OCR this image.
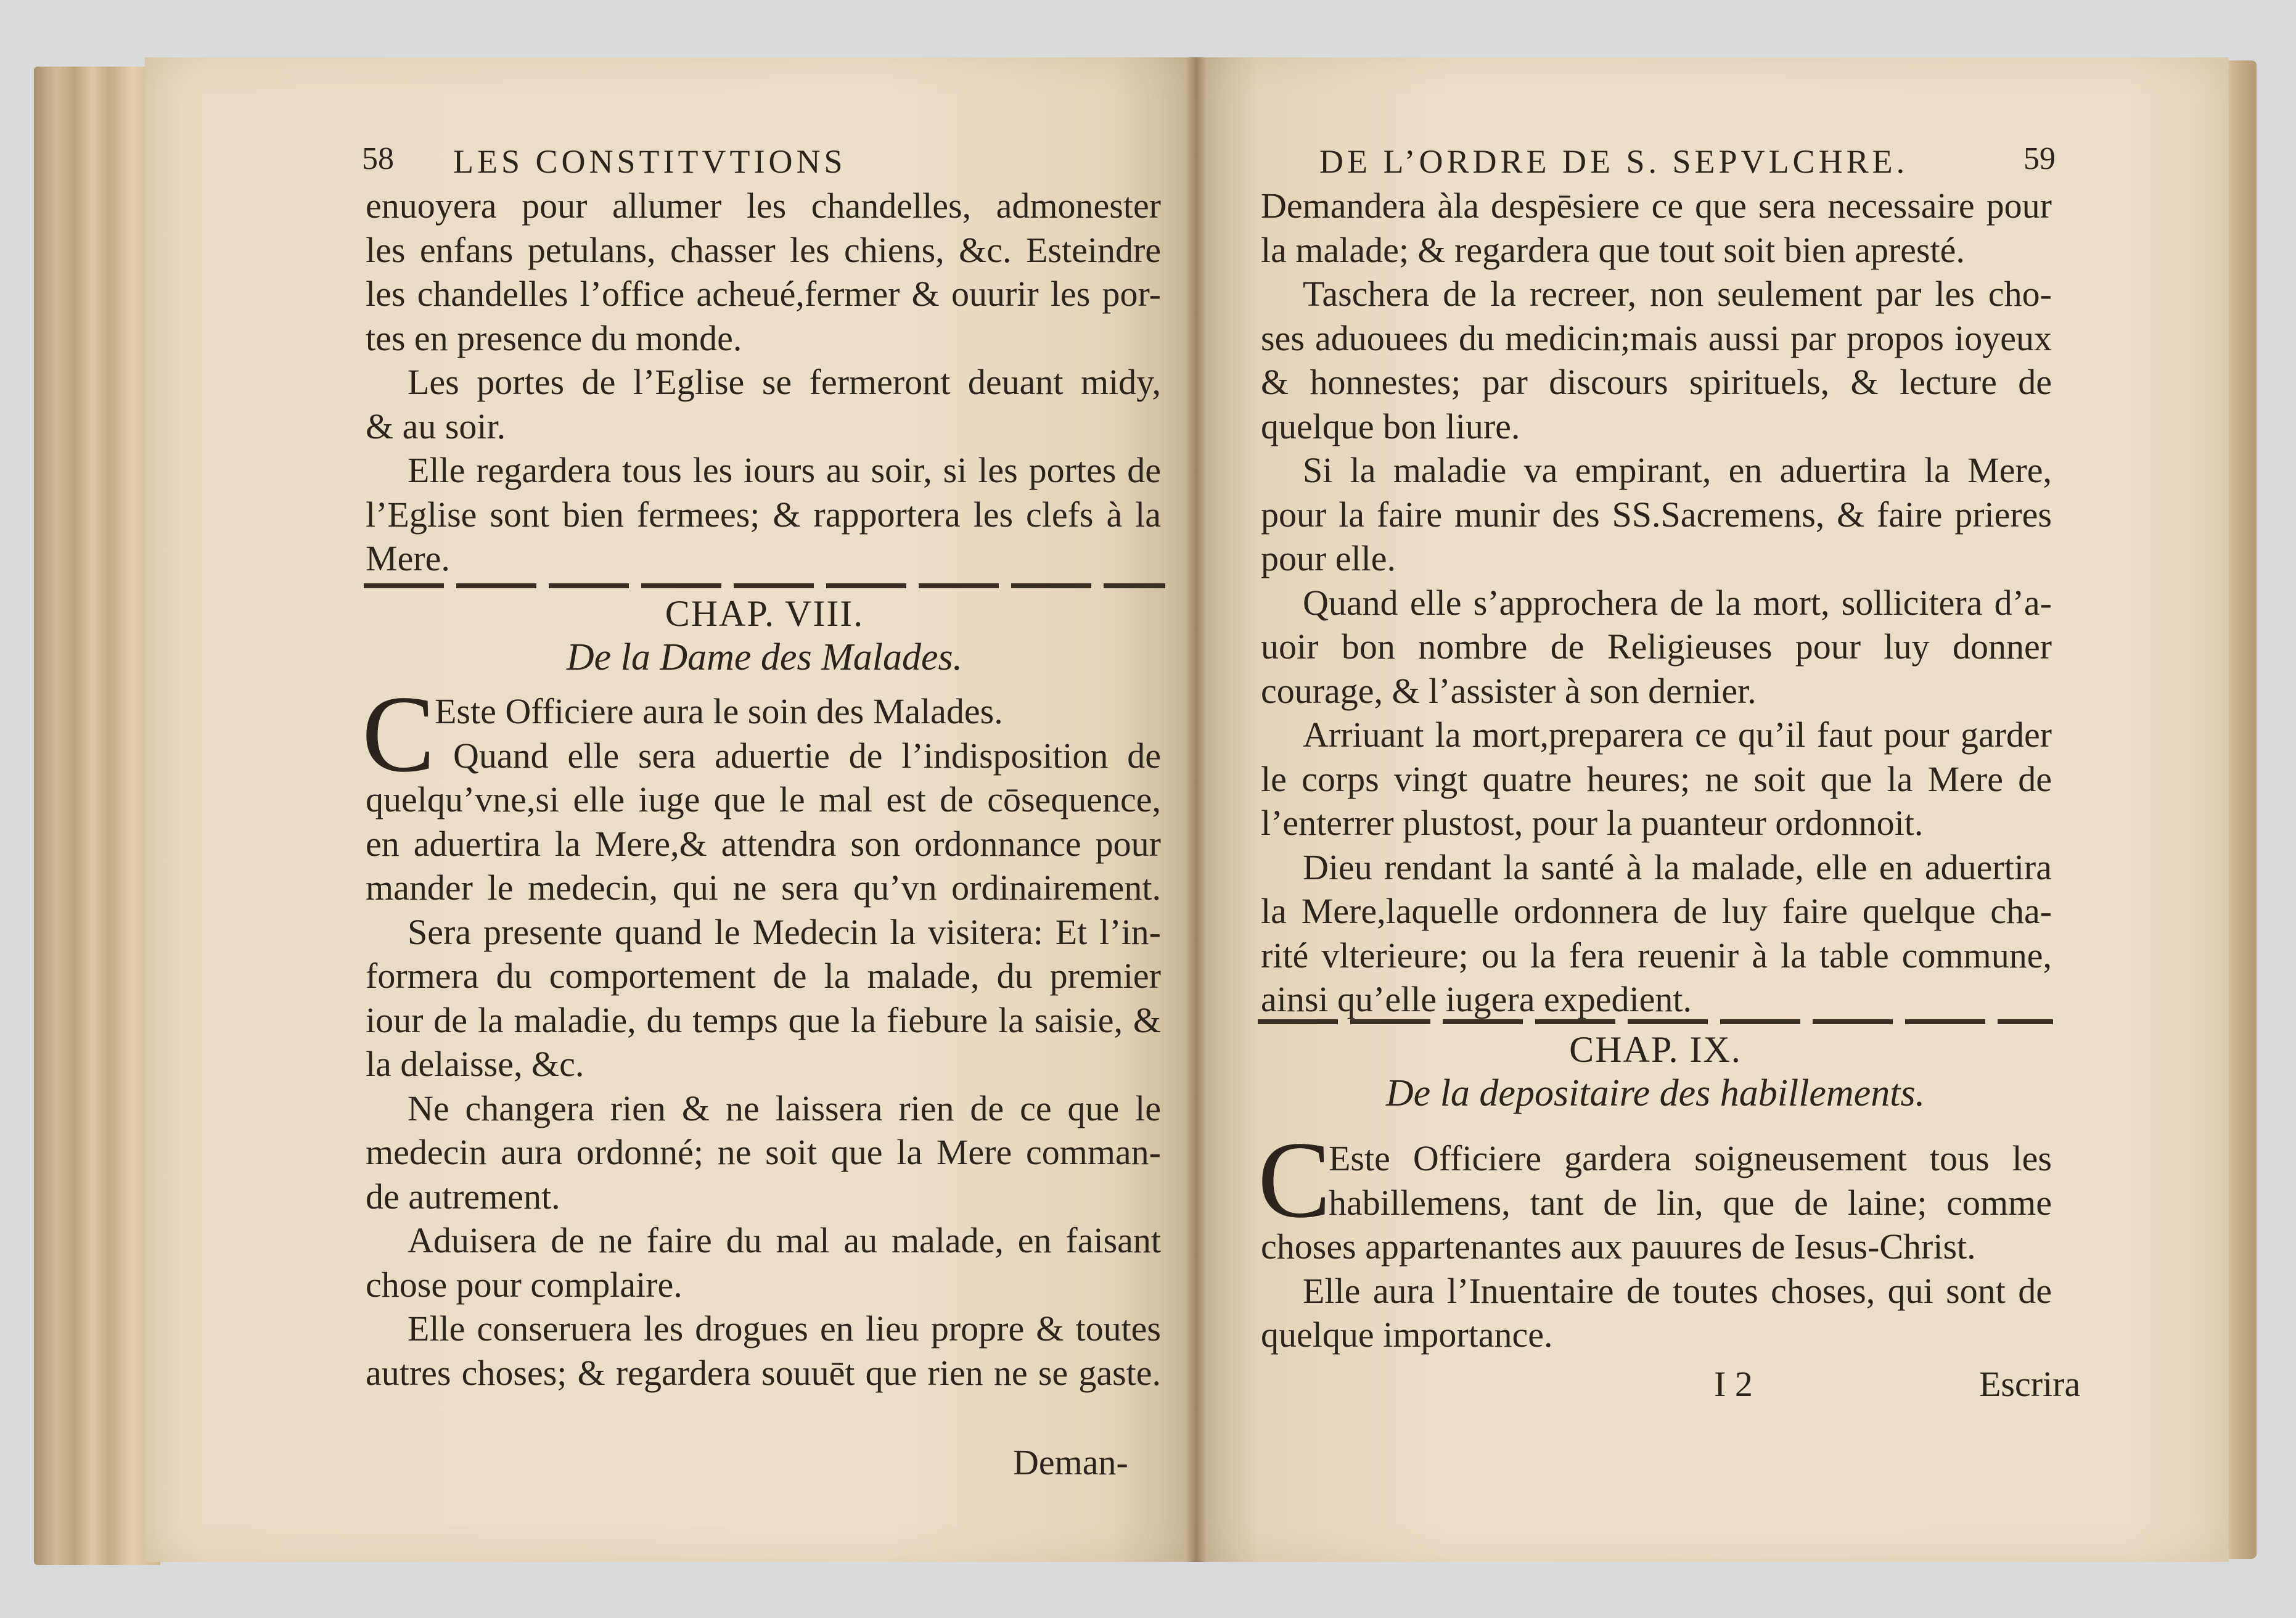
58 LES CONSTITVTIONS

enuoyera pour allumer les chandelles, admonester

les enfans petulans, chasser les chiens, &c. Esteindre

les chandelles l’office acheué,fermer & ouurir les por-

tes en presence du monde.

Les portes de l’Eglise se fermeront deuant midy,

& au soir.

Elle regardera tous les iours au soir, si les portes de

l’Eglise sont bien fermees; & rapportera les clefs à la

Mere.

CHAP. VIII.
De la Dame des Malades.
C Este Officiere aura le soin des Malades.

Quand elle sera aduertie de l’indisposition de

quelqu’vne,si elle iuge que le mal est de cōsequence,

en aduertira la Mere,& attendra son ordonnance pour

mander le medecin, qui ne sera qu’vn ordinairement.

Sera presente quand le Medecin la visitera: Et l’in-

formera du comportement de la malade, du premier

iour de la maladie, du temps que la fiebure la saisie, &

la delaisse, &c.

Ne changera rien & ne laissera rien de ce que le

medecin aura ordonné; ne soit que la Mere comman-

de autrement.

Aduisera de ne faire du mal au malade, en faisant

chose pour complaire.

Elle conseruera les drogues en lieu propre & toutes

autres choses; & regardera souuēt que rien ne se gaste.

Deman-
DE L’ORDRE DE S. SEPVLCHRE.	59

Demandera àla despēsiere ce que sera necessaire pour

la malade; & regardera que tout soit bien apresté.

Taschera de la recreer, non seulement par les cho-

ses aduouees du medicin;mais aussi par propos ioyeux

& honnestes; par discours spirituels, & lecture de

quelque bon liure.

Si la maladie va empirant, en aduertira la Mere,

pour la faire munir des SS.Sacremens, & faire prieres

pour elle.

Quand elle s’approchera de la mort, sollicitera d’a-

uoir bon nombre de Religieuses pour luy donner

courage, & l’assister à son dernier.

Arriuant la mort,preparera ce qu’il faut pour garder

le corps vingt quatre heures; ne soit que la Mere de

l’enterrer plustost, pour la puanteur ordonnoit.

Dieu rendant la santé à la malade, elle en aduertira

la Mere,laquelle ordonnera de luy faire quelque cha-

rité vlterieure; ou la fera reuenir à la table commune,

ainsi qu’elle iugera expedient.

CHAP. IX.
De la depositaire des habillements.
C

Este Officiere gardera soigneusement tous les

habillemens, tant de lin, que de laine; comme

choses appartenantes aux pauures de Iesus-Christ.

Elle aura l’Inuentaire de toutes choses, qui sont de

quelque importance.

I 2	Escrira
